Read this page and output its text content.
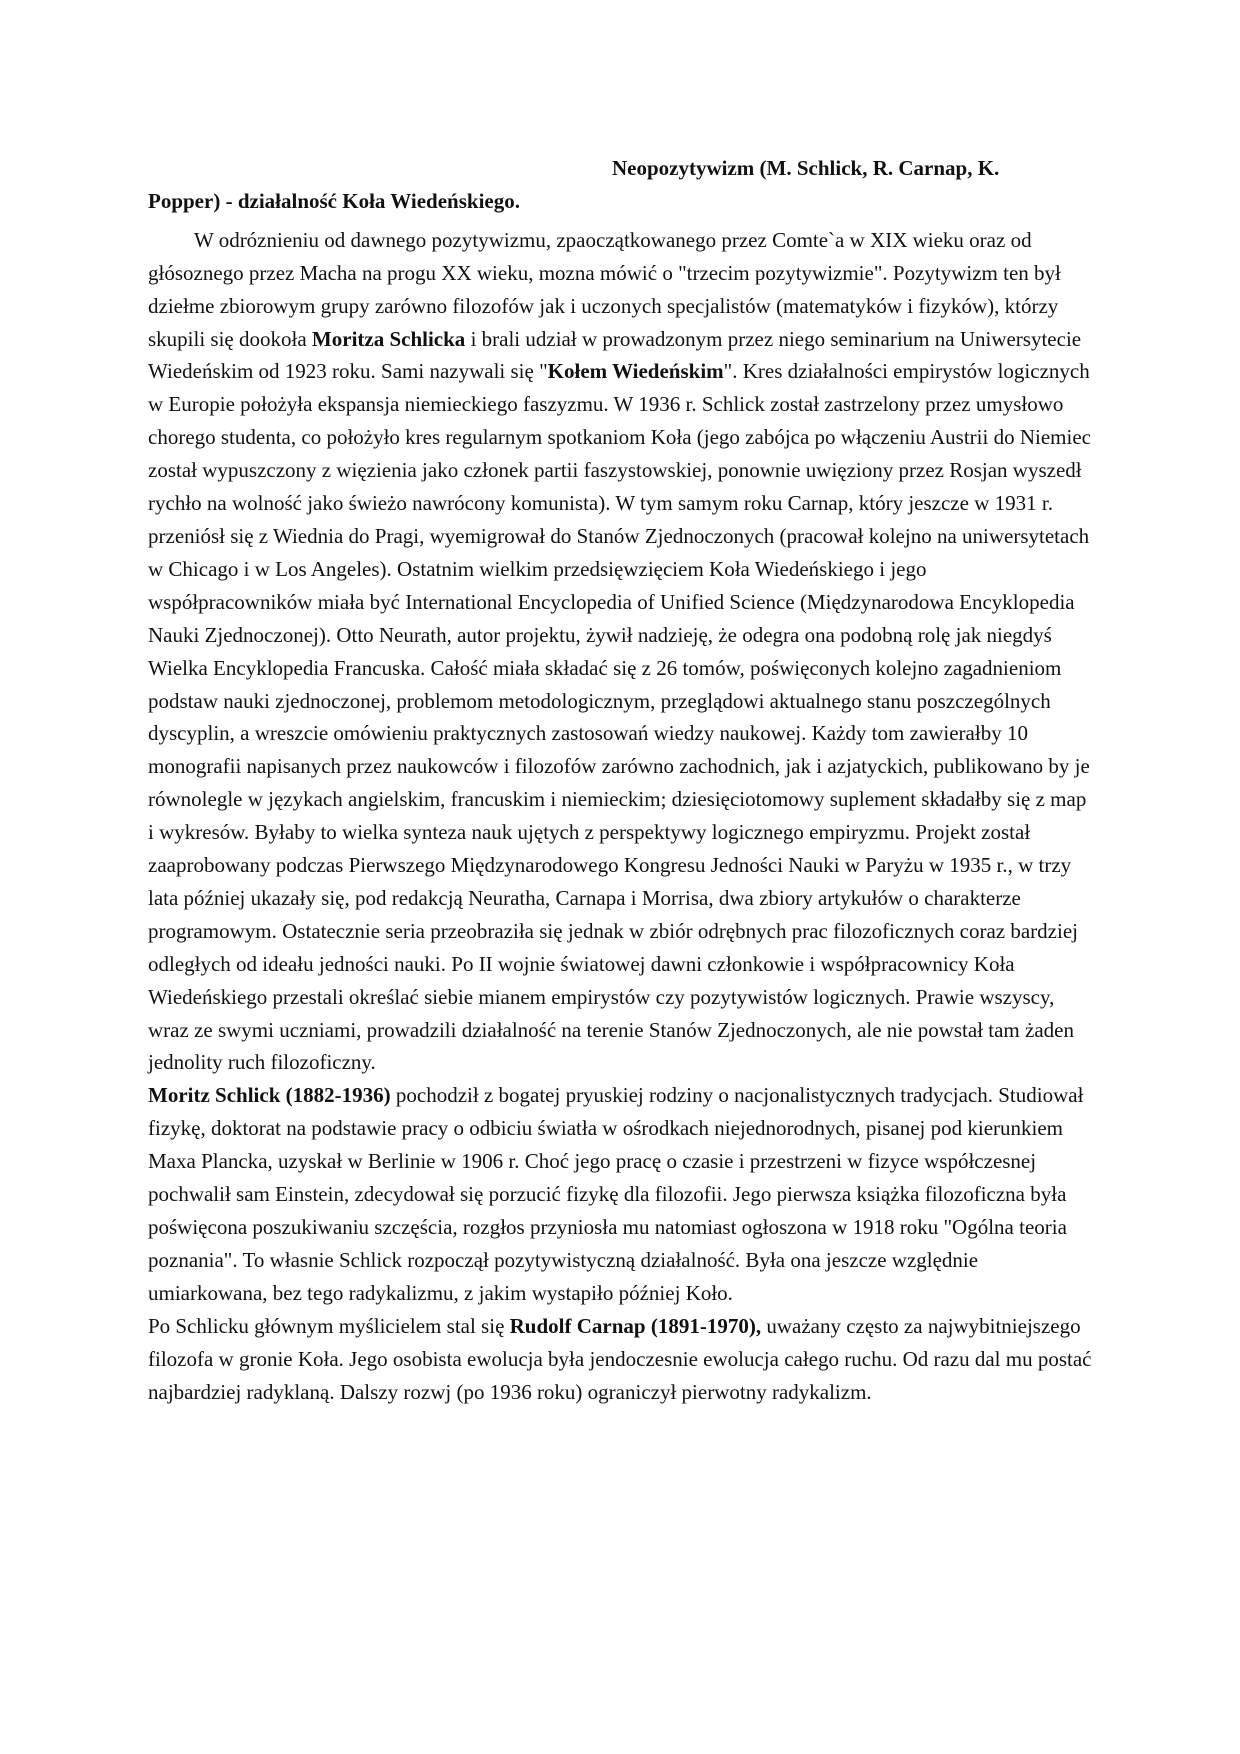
Neopozytywizm (M. Schlick, R. Carnap, K.
Popper) - działalność Koła Wiedeńskiego.

W odróznieniu od dawnego pozytywizmu, zpaoczątkowanego przez Comte`a w XIX wieku oraz od głósoznego przez Macha na progu XX wieku, mozna mówić o "trzecim pozytywizmie". Pozytywizm ten był dziełme zbiorowym grupy zarówno filozofów jak i uczonych specjalistów (matematyków i fizyków), którzy skupili się dookoła Moritza Schlicka i brali udział w prowadzonym przez niego seminarium na Uniwersytecie Wiedeńskim od 1923 roku. Sami nazywali się "Kołem Wiedeńskim". Kres działalności empirystów logicznych w Europie położyła ekspansja niemieckiego faszyzmu. W 1936 r. Schlick został zastrzelony przez umysłowo chorego studenta, co położyło kres regularnym spotkaniom Koła (jego zabójca po włączeniu Austrii do Niemiec został wypuszczony z więzienia jako członek partii faszystowskiej, ponownie uwięziony przez Rosjan wyszedł rychło na wolność jako świeżo nawrócony komunista). W tym samym roku Carnap, który jeszcze w 1931 r. przeniósł się z Wiednia do Pragi, wyemigrował do Stanów Zjednoczonych (pracował kolejno na uniwersytetach w Chicago i w Los Angeles). Ostatnim wielkim przedsięwzięciem Koła Wiedeńskiego i jego współpracowników miała być International Encyclopedia of Unified Science (Międzynarodowa Encyklopedia Nauki Zjednoczonej). Otto Neurath, autor projektu, żywił nadzieję, że odegra ona podobną rolę jak niegdyś Wielka Encyklopedia Francuska. Całość miała składać się z 26 tomów, poświęconych kolejno zagadnieniom podstaw nauki zjednoczonej, problemom metodologicznym, przeglądowi aktualnego stanu poszczególnych dyscyplin, a wreszcie omówieniu praktycznych zastosowań wiedzy naukowej. Każdy tom zawierałby 10 monografii napisanych przez naukowców i filozofów zarówno zachodnich, jak i azjatyckich, publikowano by je równolegle w językach angielskim, francuskim i niemieckim; dziesięciotomowy suplement składałby się z map i wykresów. Byłaby to wielka synteza nauk ujętych z perspektywy logicznego empiryzmu. Projekt został zaaprobowany podczas Pierwszego Międzynarodowego Kongresu Jedności Nauki w Paryżu w 1935 r., w trzy lata później ukazały się, pod redakcją Neuratha, Carnapa i Morrisa, dwa zbiory artykułów o charakterze programowym. Ostatecznie seria przeobraziła się jednak w zbiór odrębnych prac filozoficznych coraz bardziej odległych od ideału jedności nauki. Po II wojnie światowej dawni członkowie i współpracownicy Koła Wiedeńskiego przestali określać siebie mianem empirystów czy pozytywistów logicznych. Prawie wszyscy, wraz ze swymi uczniami, prowadzili działalność na terenie Stanów Zjednoczonych, ale nie powstał tam żaden jednolity ruch filozoficzny.

Moritz Schlick (1882-1936) pochodził z bogatej pryuskiej rodziny o nacjonalistycznych tradycjach. Studiował fizykę, doktorat na podstawie pracy o odbiciu światła w ośrodkach niejednorodnych, pisanej pod kierunkiem Maxa Plancka, uzyskał w Berlinie w 1906 r. Choć jego pracę o czasie i przestrzeni w fizyce współczesnej pochwalił sam Einstein, zdecydował się porzucić fizykę dla filozofii. Jego pierwsza książka filozoficzna była poświęcona poszukiwaniu szczęścia, rozgłos przyniosła mu natomiast ogłoszona w 1918 roku "Ogólna teoria poznania". To własnie Schlick rozpoczął pozytywistyczną działalność. Była ona jeszcze względnie umiarkowana, bez tego radykalizmu, z jakim wystapiło później Koło.

Po Schlicku głównym myślicielem stal się Rudolf Carnap (1891-1970), uważany często za najwybitniejszego filozofa w gronie Koła. Jego osobista ewolucja była jendoczesnie ewolucja całego ruchu. Od razu dal mu postać najbardziej radyklaną. Dalszy rozwj (po 1936 roku) ograniczył pierwotny radykalizm.
